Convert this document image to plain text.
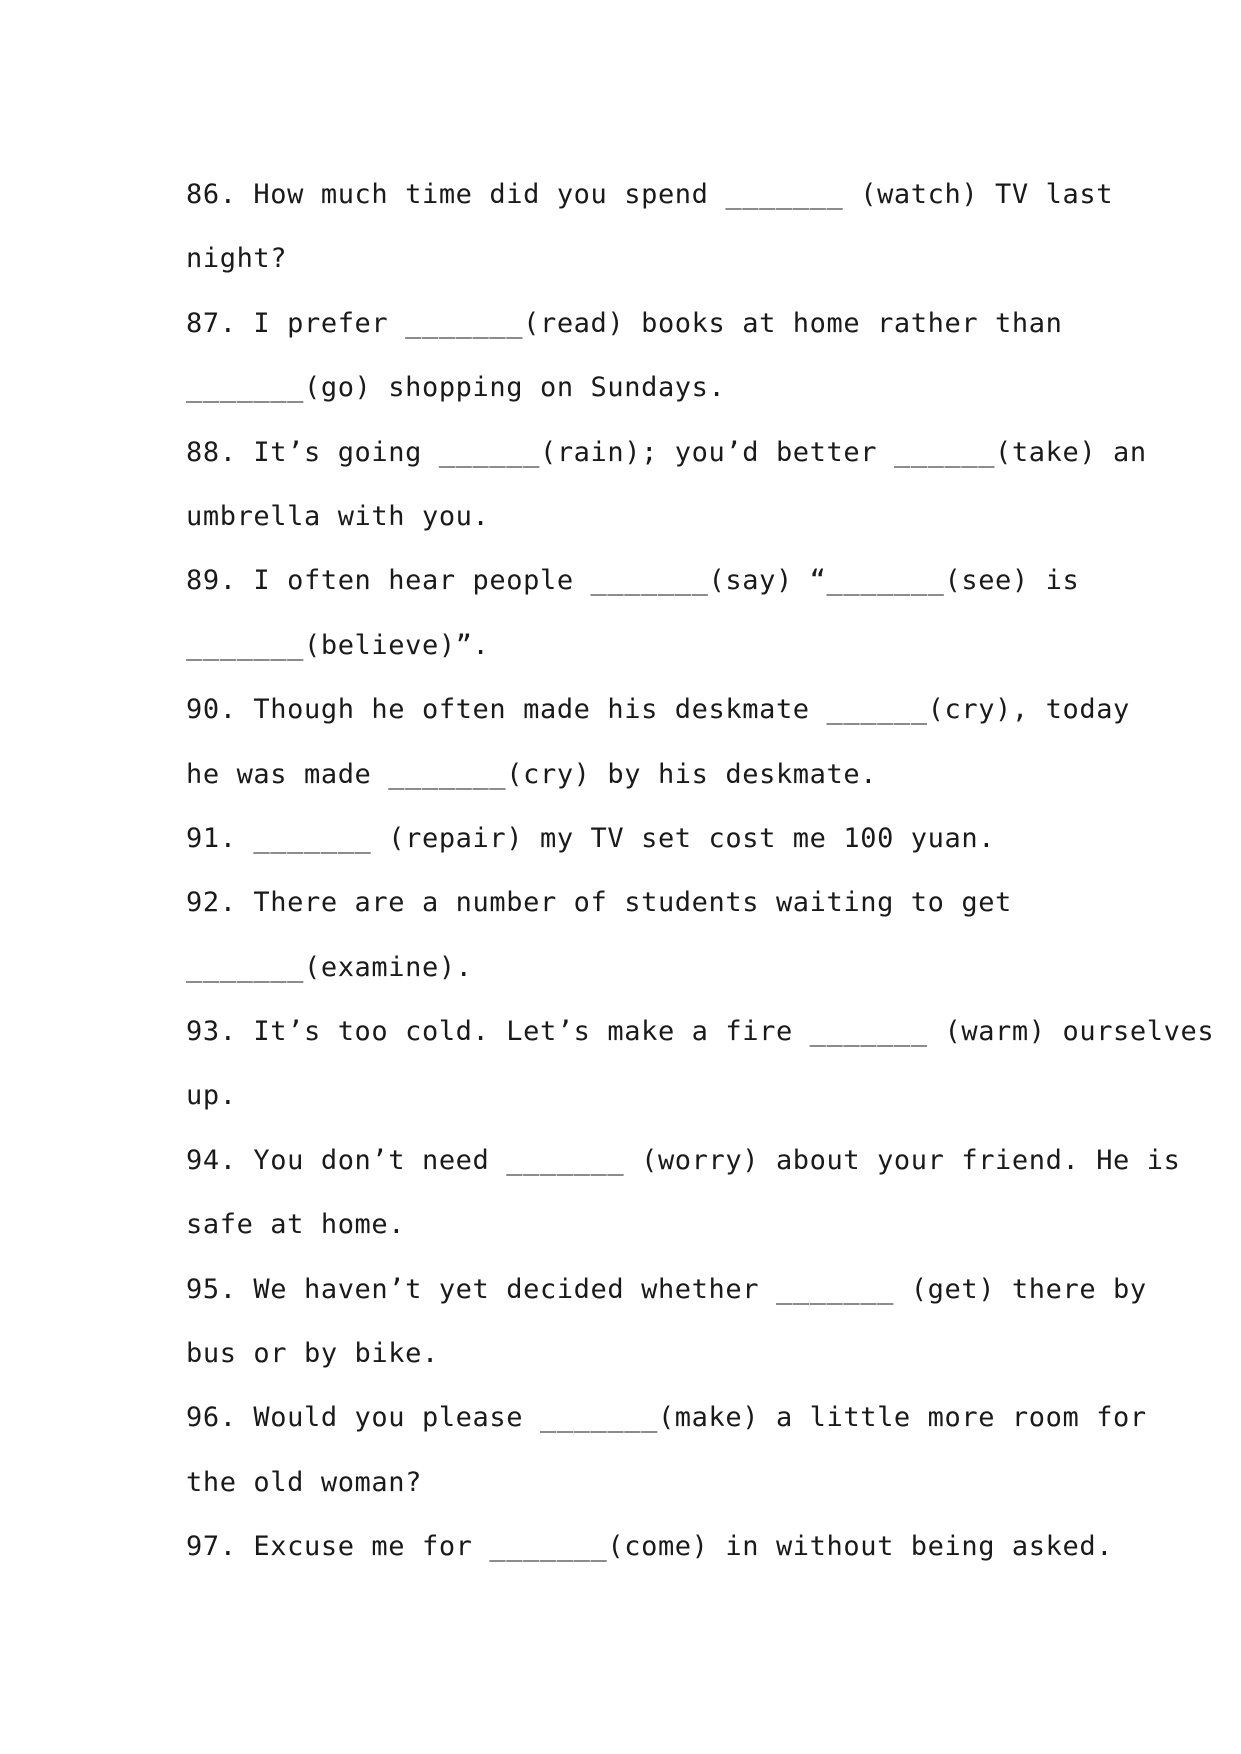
86. How much time did you spend _______ (watch) TV last
night?
87. I prefer _______(read) books at home rather than
_______(go) shopping on Sundays.
88. It’s going ______(rain); you’d better ______(take) an
umbrella with you.
89. I often hear people _______(say) “_______(see) is
_______(believe)”.
90. Though he often made his deskmate ______(cry), today
he was made _______(cry) by his deskmate.
91. _______ (repair) my TV set cost me 100 yuan.
92. There are a number of students waiting to get
_______(examine).
93. It’s too cold. Let’s make a fire _______ (warm) ourselves
up.
94. You don’t need _______ (worry) about your friend. He is
safe at home.
95. We haven’t yet decided whether _______ (get) there by
bus or by bike.
96. Would you please _______(make) a little more room for
the old woman?
97. Excuse me for _______(come) in without being asked.
